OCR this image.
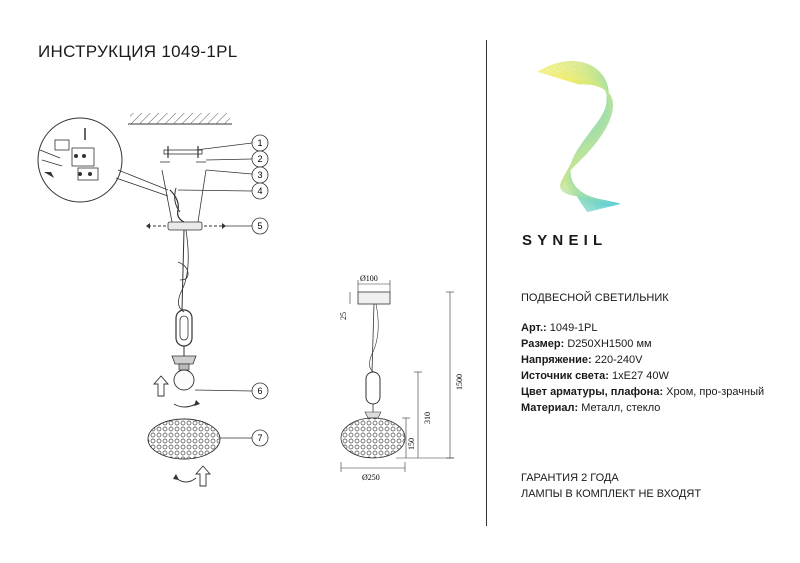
ИНСТРУКЦИЯ 1049-1PL
1
2
3
4
5
6
7
Ø100
25
1500
310
150
Ø250
SYNEIL
ПОДВЕСНОЙ СВЕТИЛЬНИК

Арт.: 1049-1PL

Размер: D250XH1500 мм

Напряжение: 220-240V

Источник света: 1xE27 40W

Цвет арматуры, плафона: Хром, про-зрачный

Материал: Металл, стекло

ГАРАНТИЯ 2 ГОДА
ЛАМПЫ В КОМПЛЕКТ НЕ ВХОДЯТ
